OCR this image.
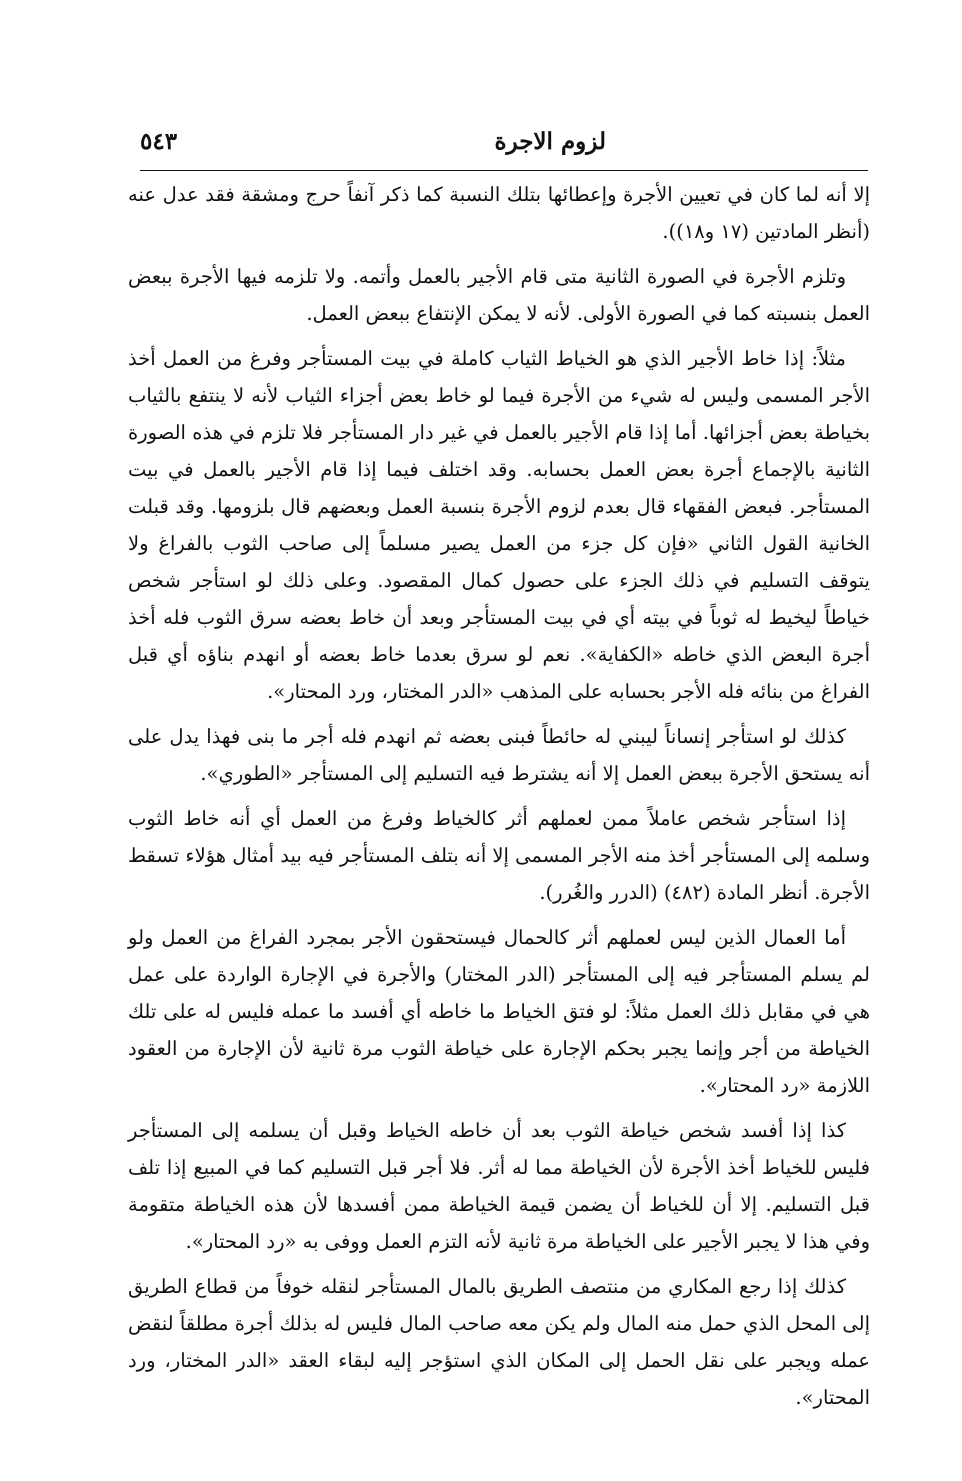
٥٤٣	لزوم الاجرة

إلا أنه لما كان في تعيين الأجرة وإعطائها بتلك النسبة كما ذكر آنفاً حرج ومشقة فقد عدل عنه (أنظر المادتين (١٧ و١٨)).

وتلزم الأجرة في الصورة الثانية متى قام الأجير بالعمل وأتمه. ولا تلزمه فيها الأجرة ببعض العمل بنسبته كما في الصورة الأولى. لأنه لا يمكن الإنتفاع ببعض العمل.

مثلاً: إذا خاط الأجير الذي هو الخياط الثياب كاملة في بيت المستأجر وفرغ من العمل أخذ الأجر المسمى وليس له شيء من الأجرة فيما لو خاط بعض أجزاء الثياب لأنه لا ينتفع بالثياب بخياطة بعض أجزائها. أما إذا قام الأجير بالعمل في غير دار المستأجر فلا تلزم في هذه الصورة الثانية بالإجماع أجرة بعض العمل بحسابه. وقد اختلف فيما إذا قام الأجير بالعمل في بيت المستأجر. فبعض الفقهاء قال بعدم لزوم الأجرة بنسبة العمل وبعضهم قال بلزومها. وقد قبلت الخانية القول الثاني «فإن كل جزء من العمل يصير مسلماً إلى صاحب الثوب بالفراغ ولا يتوقف التسليم في ذلك الجزء على حصول كمال المقصود. وعلى ذلك لو استأجر شخص خياطاً ليخيط له ثوباً في بيته أي في بيت المستأجر وبعد أن خاط بعضه سرق الثوب فله أخذ أجرة البعض الذي خاطه «الكفاية». نعم لو سرق بعدما خاط بعضه أو انهدم بناؤه أي قبل الفراغ من بنائه فله الأجر بحسابه على المذهب «الدر المختار، ورد المحتار».

كذلك لو استأجر إنساناً ليبني له حائطاً فبنى بعضه ثم انهدم فله أجر ما بنى فهذا يدل على أنه يستحق الأجرة ببعض العمل إلا أنه يشترط فيه التسليم إلى المستأجر «الطوري».

إذا استأجر شخص عاملاً ممن لعملهم أثر كالخياط وفرغ من العمل أي أنه خاط الثوب وسلمه إلى المستأجر أخذ منه الأجر المسمى إلا أنه بتلف المستأجر فيه بيد أمثال هؤلاء تسقط الأجرة. أنظر المادة (٤٨٢) (الدرر والغُرر).

أما العمال الذين ليس لعملهم أثر كالحمال فيستحقون الأجر بمجرد الفراغ من العمل ولو لم يسلم المستأجر فيه إلى المستأجر (الدر المختار) والأجرة في الإجارة الواردة على عمل هي في مقابل ذلك العمل مثلاً: لو فتق الخياط ما خاطه أي أفسد ما عمله فليس له على تلك الخياطة من أجر وإنما يجبر بحكم الإجارة على خياطة الثوب مرة ثانية لأن الإجارة من العقود اللازمة «رد المحتار».

كذا إذا أفسد شخص خياطة الثوب بعد أن خاطه الخياط وقبل أن يسلمه إلى المستأجر فليس للخياط أخذ الأجرة لأن الخياطة مما له أثر. فلا أجر قبل التسليم كما في المبيع إذا تلف قبل التسليم. إلا أن للخياط أن يضمن قيمة الخياطة ممن أفسدها لأن هذه الخياطة متقومة وفي هذا لا يجبر الأجير على الخياطة مرة ثانية لأنه التزم العمل ووفى به «رد المحتار».

كذلك إذا رجع المكاري من منتصف الطريق بالمال المستأجر لنقله خوفاً من قطاع الطريق إلى المحل الذي حمل منه المال ولم يكن معه صاحب المال فليس له بذلك أجرة مطلقاً لنقض عمله ويجبر على نقل الحمل إلى المكان الذي استؤجر إليه لبقاء العقد «الدر المختار، ورد المحتار».
